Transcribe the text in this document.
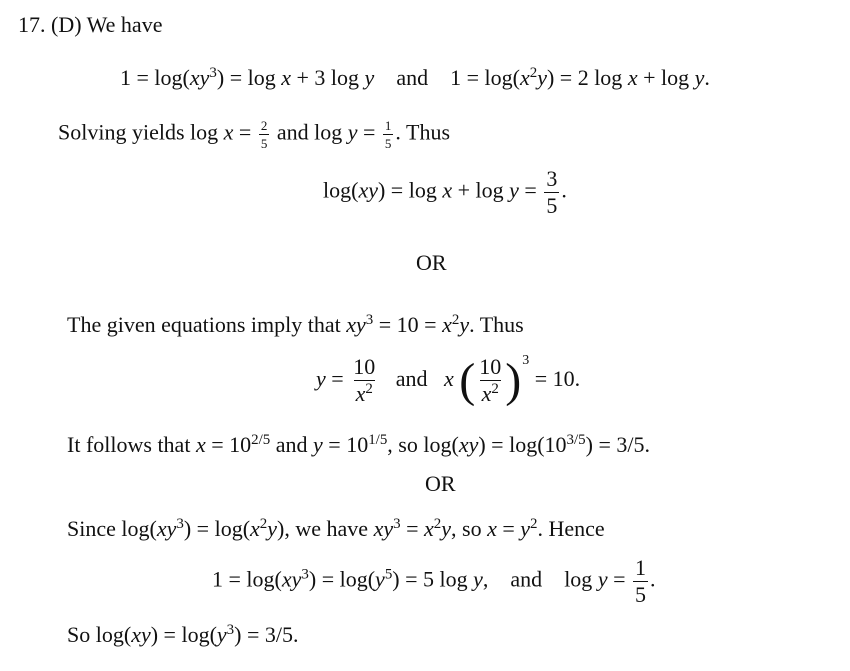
17. (D) We have
$1 = \log(xy^3) = \log x + 3$ log y and $1 = \log(x^2y) = 2$ log x + log y.
Solving yields $\log x = \frac{2}{5}$ and $\log y = \frac{1}{5}$ . Thus
$\log(xy) = \log x + \log y = \frac{3}{5}$ .
OR
The given equations imply that $xy^3 = 10 = x^2y$. Thus
$y = \frac{10}{x^2}$ and x ( $\frac{10}{x^2} )^3 = 10$.
It follows that $x = 10^{2/5}$ and $y = 10^{1/5}$, so $\log(xy) = \log(10^{3/5}) = 3/5$.
OR
Since $\log(xy^3) = \log(x^2y)$, we have $xy^3 = x^2y$, so $x = y^2$. Hence
$1 = \log(xy^3) = \log(y^5) = 5$ log y,    and    $\log y = \frac{1}{5}$ .
So $\log(xy) = \log(y^3) = 3/5$.
